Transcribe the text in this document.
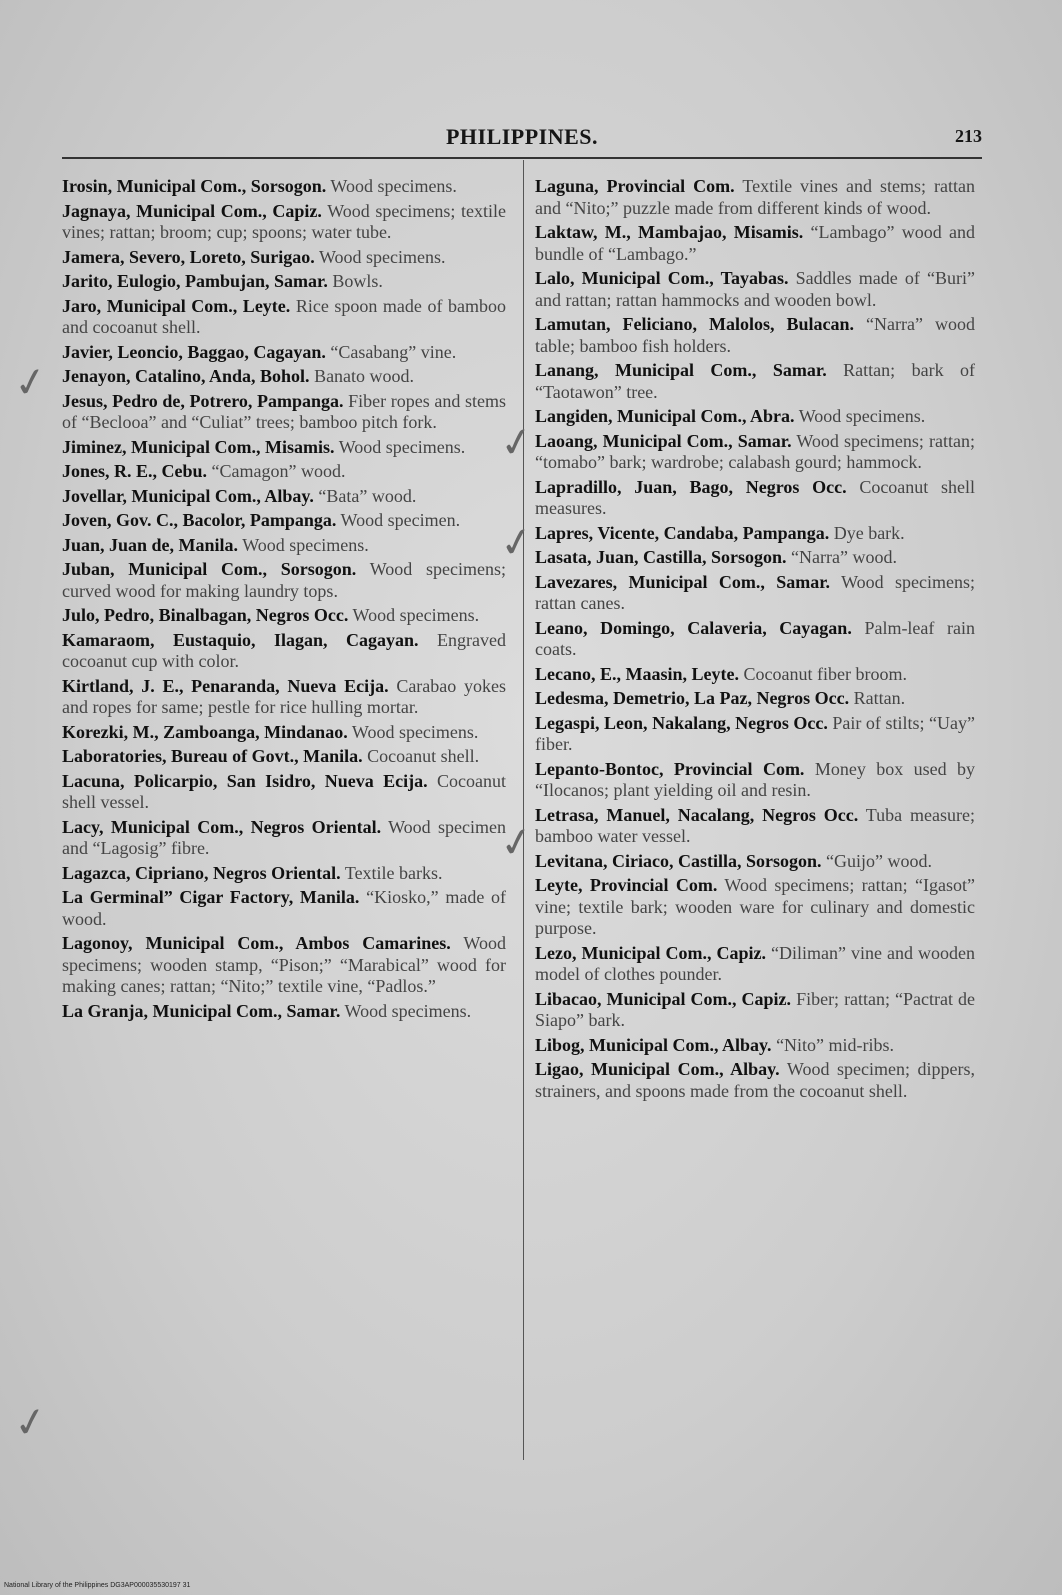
PHILIPPINES.	213
Irosin, Municipal Com., Sorsogon. Wood specimens.
Jagnaya, Municipal Com., Capiz. Wood specimens; textile vines; rattan; broom; cup; spoons; water tube.
Jamera, Severo, Loreto, Surigao. Wood specimens.
Jarito, Eulogio, Pambujan, Samar. Bowls.
Jaro, Municipal Com., Leyte. Rice spoon made of bamboo and cocoanut shell.
Javier, Leoncio, Baggao, Cagayan. “Casabang” vine.
Jenayon, Catalino, Anda, Bohol. Banato wood.
Jesus, Pedro de, Potrero, Pampanga. Fiber ropes and stems of “Beclooa” and “Culiat” trees; bamboo pitch fork.
Jiminez, Municipal Com., Misamis. Wood specimens.
Jones, R. E., Cebu. “Camagon” wood.
Jovellar, Municipal Com., Albay. “Bata” wood.
Joven, Gov. C., Bacolor, Pampanga. Wood specimen.
Juan, Juan de, Manila. Wood specimens.
Juban, Municipal Com., Sorsogon. Wood specimens; curved wood for making laundry tops.
Julo, Pedro, Binalbagan, Negros Occ. Wood specimens.
Kamaraom, Eustaquio, Ilagan, Cagayan. Engraved cocoanut cup with color.
Kirtland, J. E., Penaranda, Nueva Ecija. Carabao yokes and ropes for same; pestle for rice hulling mortar.
Korezki, M., Zamboanga, Mindanao. Wood specimens.
Laboratories, Bureau of Govt., Manila. Cocoanut shell.
Lacuna, Policarpio, San Isidro, Nueva Ecija. Cocoanut shell vessel.
Lacy, Municipal Com., Negros Oriental. Wood specimen and “Lagosig” fibre.
Lagazca, Cipriano, Negros Oriental. Textile barks.
La Germinal” Cigar Factory, Manila. “Kiosko,” made of wood.
Lagonoy, Municipal Com., Ambos Camarines. Wood specimens; wooden stamp, “Pison;” “Marabical” wood for making canes; rattan; “Nito;” textile vine, “Padlos.”
La Granja, Municipal Com., Samar. Wood specimens.
Laguna, Provincial Com. Textile vines and stems; rattan and “Nito;” puzzle made from different kinds of wood.
Laktaw, M., Mambajao, Misamis. “Lambago” wood and bundle of “Lambago.”
Lalo, Municipal Com., Tayabas. Saddles made of “Buri” and rattan; rattan hammocks and wooden bowl.
Lamutan, Feliciano, Malolos, Bulacan. “Narra” wood table; bamboo fish holders.
Lanang, Municipal Com., Samar. Rattan; bark of “Taotawon” tree.
Langiden, Municipal Com., Abra. Wood specimens.
Laoang, Municipal Com., Samar. Wood specimens; rattan; “tomabo” bark; wardrobe; calabash gourd; hammock.
Lapradillo, Juan, Bago, Negros Occ. Cocoanut shell measures.
Lapres, Vicente, Candaba, Pampanga. Dye bark.
Lasata, Juan, Castilla, Sorsogon. “Narra” wood.
Lavezares, Municipal Com., Samar. Wood specimens; rattan canes.
Leano, Domingo, Calaveria, Cayagan. Palm-leaf rain coats.
Lecano, E., Maasin, Leyte. Cocoanut fiber broom.
Ledesma, Demetrio, La Paz, Negros Occ. Rattan.
Legaspi, Leon, Nakalang, Negros Occ. Pair of stilts; “Uay” fiber.
Lepanto-Bontoc, Provincial Com. Money box used by “Ilocanos; plant yielding oil and resin.
Letrasa, Manuel, Nacalang, Negros Occ. Tuba measure; bamboo water vessel.
Levitana, Ciriaco, Castilla, Sorsogon. “Guijo” wood.
Leyte, Provincial Com. Wood specimens; rattan; “Igasot” vine; textile bark; wooden ware for culinary and domestic purpose.
Lezo, Municipal Com., Capiz. “Diliman” vine and wooden model of clothes pounder.
Libacao, Municipal Com., Capiz. Fiber; rattan; “Pactrat de Siapo” bark.
Libog, Municipal Com., Albay. “Nito” mid-ribs.
Ligao, Municipal Com., Albay. Wood specimen; dippers, strainers, and spoons made from the cocoanut shell.
✓
✓
✓
✓
✓
National Library of the Philippines DG3AP000035530197 31
